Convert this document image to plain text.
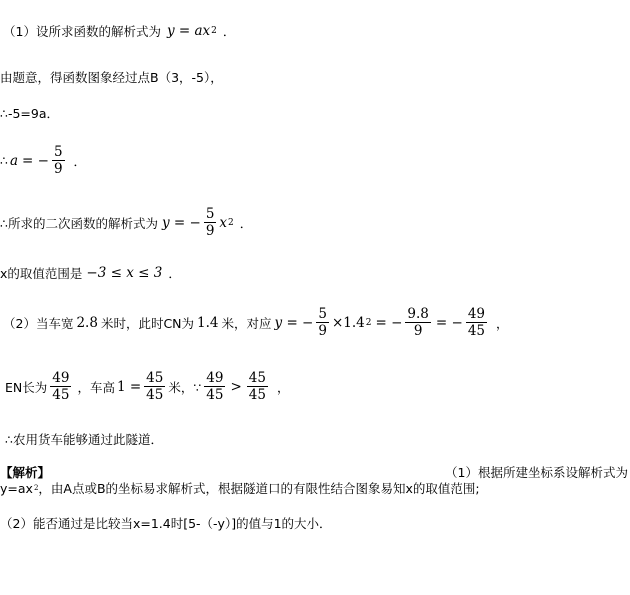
（1）设所求函数的解析式为 y = ax 2 ．
由题意，得函数图象经过点B（3，-5），
∴-5=9a．
∴ a = − $\frac{5}{9}$ ．
∴所求的二次函数的解析式为 y = − $\frac{5}{9}$ x 2 ．
x的取值范围是 −3 ≤ x ≤ 3 ．
（2）当车宽 2.8 米时，此时CN为 1.4 米，对应 y = − $\frac{5}{9} \times 1.4$ 2 = − $\frac{9.8}{9}$ = − $\frac{49}{45}$ ，
EN长为 $\frac{49}{45}$ ，车高 $1 = \frac{45}{45}$ 米，∵ $\frac{49}{45} > \frac{45}{45}$ ，
∴农用货车能够通过此隧道．
【解析】	（1）根据所建坐标系设解析式为
y=ax 2 ，由A点或B的坐标易求解析式，根据隧道口的有限性结合图象易知x的取值范围;
（2）能否通过是比较当x=1.4时[5-（-y）]的值与1的大小．
